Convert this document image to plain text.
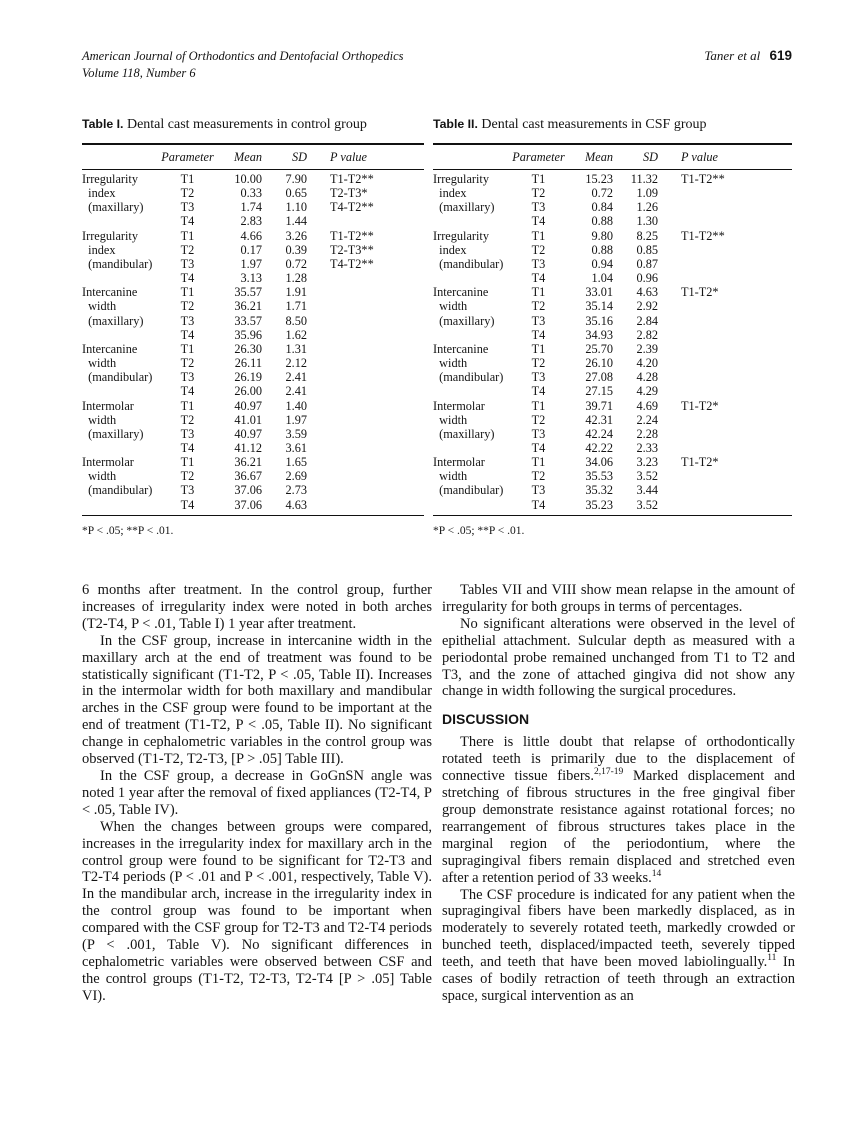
American Journal of Orthodontics and Dentofacial Orthopedics
Volume 118, Number 6
Taner et al 619
Table I. Dental cast measurements in control group
Parameter	Mean	SD	P value
Irregularity	T1	10.00	7.90	T1-T2**
index	T2	0.33	0.65	T2-T3*
(maxillary)	T3	1.74	1.10	T4-T2**
T4	2.83	1.44
Irregularity	T1	4.66	3.26	T1-T2**
index	T2	0.17	0.39	T2-T3**
(mandibular)	T3	1.97	0.72	T4-T2**
T4	3.13	1.28
Intercanine	T1	35.57	1.91
width	T2	36.21	1.71
(maxillary)	T3	33.57	8.50
T4	35.96	1.62
Intercanine	T1	26.30	1.31
width	T2	26.11	2.12
(mandibular)	T3	26.19	2.41
T4	26.00	2.41
Intermolar	T1	40.97	1.40
width	T2	41.01	1.97
(maxillary)	T3	40.97	3.59
T4	41.12	3.61
Intermolar	T1	36.21	1.65
width	T2	36.67	2.69
(mandibular)	T3	37.06	2.73
T4	37.06	4.63
*P < .05; **P < .01.
Table II. Dental cast measurements in CSF group
Parameter	Mean	SD	P value
Irregularity	T1	15.23	11.32	T1-T2**
index	T2	0.72	1.09
(maxillary)	T3	0.84	1.26
T4	0.88	1.30
Irregularity	T1	9.80	8.25	T1-T2**
index	T2	0.88	0.85
(mandibular)	T3	0.94	0.87
T4	1.04	0.96
Intercanine	T1	33.01	4.63	T1-T2*
width	T2	35.14	2.92
(maxillary)	T3	35.16	2.84
T4	34.93	2.82
Intercanine	T1	25.70	2.39
width	T2	26.10	4.20
(mandibular)	T3	27.08	4.28
T4	27.15	4.29
Intermolar	T1	39.71	4.69	T1-T2*
width	T2	42.31	2.24
(maxillary)	T3	42.24	2.28
T4	42.22	2.33
Intermolar	T1	34.06	3.23	T1-T2*
width	T2	35.53	3.52
(mandibular)	T3	35.32	3.44
T4	35.23	3.52
*P < .05; **P < .01.

6 months after treatment. In the control group, further increases of irregularity index were noted in both arches (T2-T4, P < .01, Table I) 1 year after treatment.

In the CSF group, increase in intercanine width in the maxillary arch at the end of treatment was found to be statistically significant (T1-T2, P < .05, Table II). Increases in the intermolar width for both maxillary and mandibular arches in the CSF group were found to be important at the end of treatment (T1-T2, P < .05, Table II). No significant change in cephalometric variables in the control group was observed (T1-T2, T2-T3, [P > .05] Table III).

In the CSF group, a decrease in GoGnSN angle was noted 1 year after the removal of fixed appliances (T2-T4, P < .05, Table IV).

When the changes between groups were compared, increases in the irregularity index for maxillary arch in the control group were found to be significant for T2-T3 and T2-T4 periods (P < .01 and P < .001, respectively, Table V). In the mandibular arch, increase in the irregularity index in the control group was found to be important when compared with the CSF group for T2-T3 and T2-T4 periods (P < .001, Table V). No significant differences in cephalometric variables were observed between CSF and the control groups (T1-T2, T2-T3, T2-T4 [P > .05] Table VI).

Tables VII and VIII show mean relapse in the amount of irregularity for both groups in terms of percentages.

No significant alterations were observed in the level of epithelial attachment. Sulcular depth as measured with a periodontal probe remained unchanged from T1 to T2 and T3, and the zone of attached gingiva did not show any change in width following the surgical procedures.

DISCUSSION

There is little doubt that relapse of orthodontically rotated teeth is primarily due to the displacement of connective tissue fibers.$^{2,17-19}$ Marked displacement and stretching of fibrous structures in the free gingival fiber group demonstrate resistance against rotational forces; no rearrangement of fibrous structures takes place in the marginal region of the periodontium, where the supragingival fibers remain displaced and stretched even after a retention period of 33 weeks.$^{14}$

The CSF procedure is indicated for any patient when the supragingival fibers have been markedly displaced, as in moderately to severely rotated teeth, markedly crowded or bunched teeth, displaced/impacted teeth, severely tipped teeth, and teeth that have been moved labiolingually.$^{11}$ In cases of bodily retraction of teeth through an extraction space, surgical intervention as an
